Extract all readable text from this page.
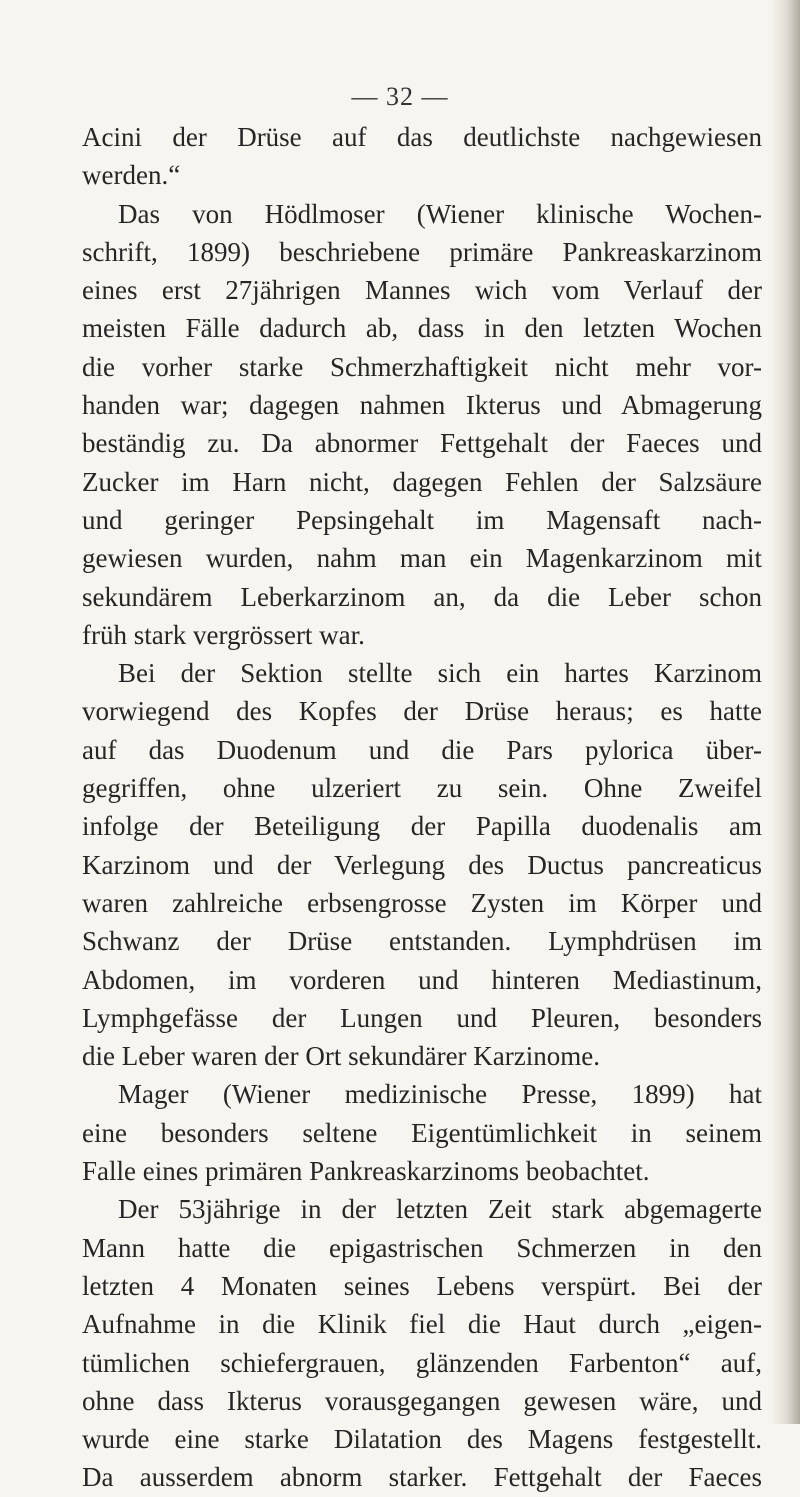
— 32 —
Acini der Drüse auf das deutlichste nachgewiesen
werden.“
Das von Hödlmoser (Wiener klinische Wochen-
schrift, 1899) beschriebene primäre Pankreaskarzinom
eines erst 27jährigen Mannes wich vom Verlauf der
meisten Fälle dadurch ab, dass in den letzten Wochen
die vorher starke Schmerzhaftigkeit nicht mehr vor-
handen war; dagegen nahmen Ikterus und Abmagerung
beständig zu. Da abnormer Fettgehalt der Faeces und
Zucker im Harn nicht, dagegen Fehlen der Salzsäure
und geringer Pepsingehalt im Magensaft nach-
gewiesen wurden, nahm man ein Magenkarzinom mit
sekundärem Leberkarzinom an, da die Leber schon
früh stark vergrössert war.
Bei der Sektion stellte sich ein hartes Karzinom
vorwiegend des Kopfes der Drüse heraus; es hatte
auf das Duodenum und die Pars pylorica über-
gegriffen, ohne ulzeriert zu sein. Ohne Zweifel
infolge der Beteiligung der Papilla duodenalis am
Karzinom und der Verlegung des Ductus pancreaticus
waren zahlreiche erbsengrosse Zysten im Körper und
Schwanz der Drüse entstanden. Lymphdrüsen im
Abdomen, im vorderen und hinteren Mediastinum,
Lymphgefässe der Lungen und Pleuren, besonders
die Leber waren der Ort sekundärer Karzinome.
Mager (Wiener medizinische Presse, 1899) hat
eine besonders seltene Eigentümlichkeit in seinem
Falle eines primären Pankreaskarzinoms beobachtet.
Der 53jährige in der letzten Zeit stark abgemagerte
Mann hatte die epigastrischen Schmerzen in den
letzten 4 Monaten seines Lebens verspürt. Bei der
Aufnahme in die Klinik fiel die Haut durch „eigen-
tümlichen schiefergrauen, glänzenden Farbenton“ auf,
ohne dass Ikterus vorausgegangen gewesen wäre, und
wurde eine starke Dilatation des Magens festgestellt.
Da ausserdem abnorm starker. Fettgehalt der Faeces
